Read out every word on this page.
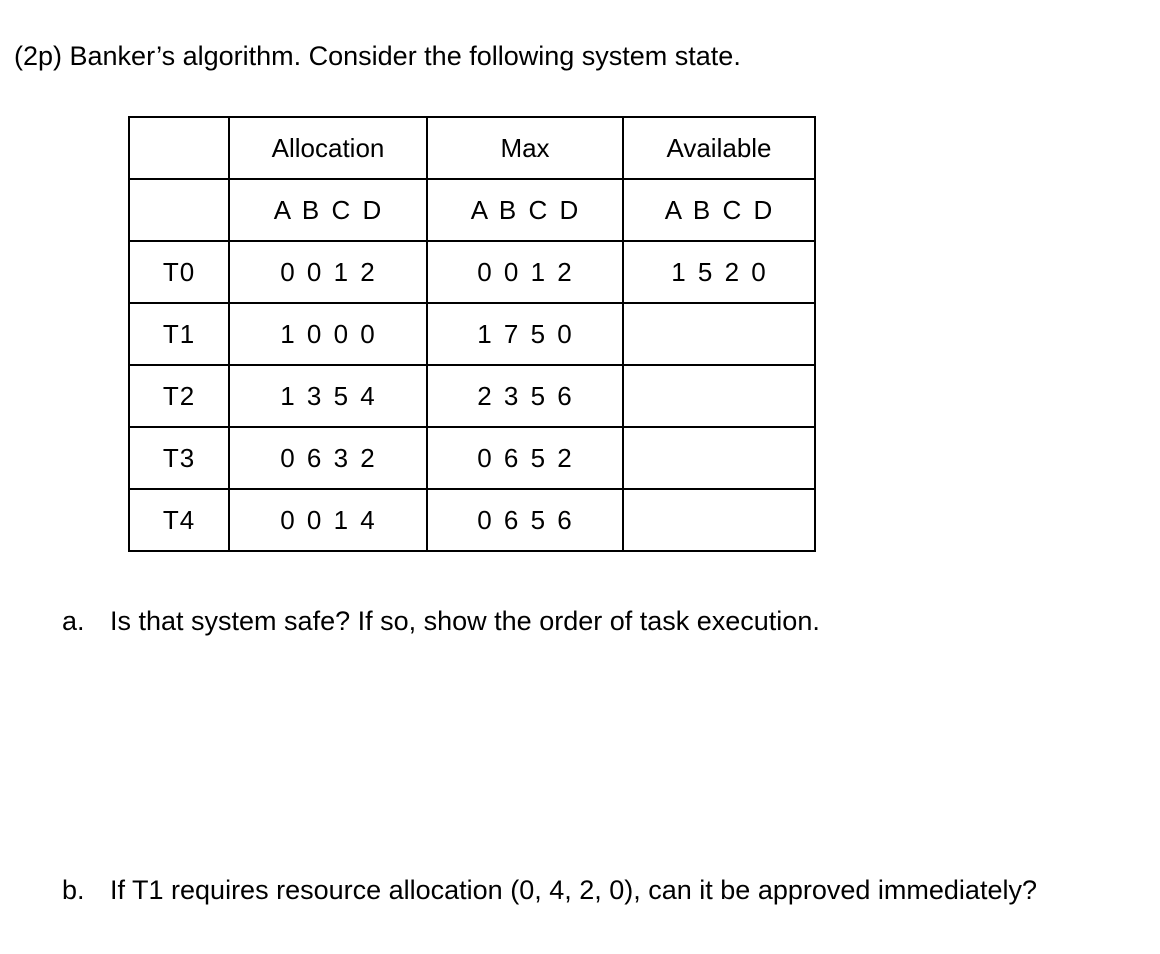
(2p) Banker’s algorithm. Consider the following system state.
	Allocation	Max	Available
	A B C D	A B C D	A B C D
T0	0 0 1 2	0 0 1 2	1 5 2 0
T1	1 0 0 0	1 7 5 0	
T2	1 3 5 4	2 3 5 6	
T3	0 6 3 2	0 6 5 2	
T4	0 0 1 4	0 6 5 6	
a. Is that system safe? If so, show the order of task execution.
b. If T1 requires resource allocation (0, 4, 2, 0), can it be approved immediately?
